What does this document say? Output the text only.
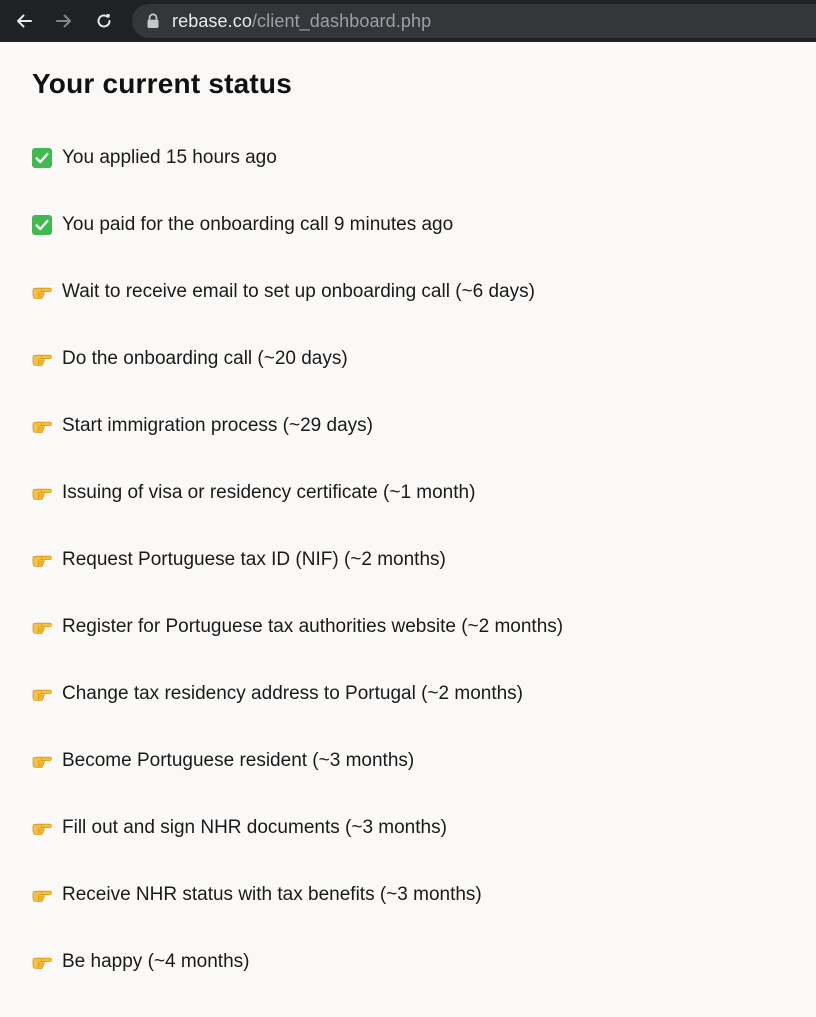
rebase.co/client_dashboard.php
Your current status
You applied 15 hours ago
You paid for the onboarding call 9 minutes ago
Wait to receive email to set up onboarding call (~6 days)
Do the onboarding call (~20 days)
Start immigration process (~29 days)
Issuing of visa or residency certificate (~1 month)
Request Portuguese tax ID (NIF) (~2 months)
Register for Portuguese tax authorities website (~2 months)
Change tax residency address to Portugal (~2 months)
Become Portuguese resident (~3 months)
Fill out and sign NHR documents (~3 months)
Receive NHR status with tax benefits (~3 months)
Be happy (~4 months)
